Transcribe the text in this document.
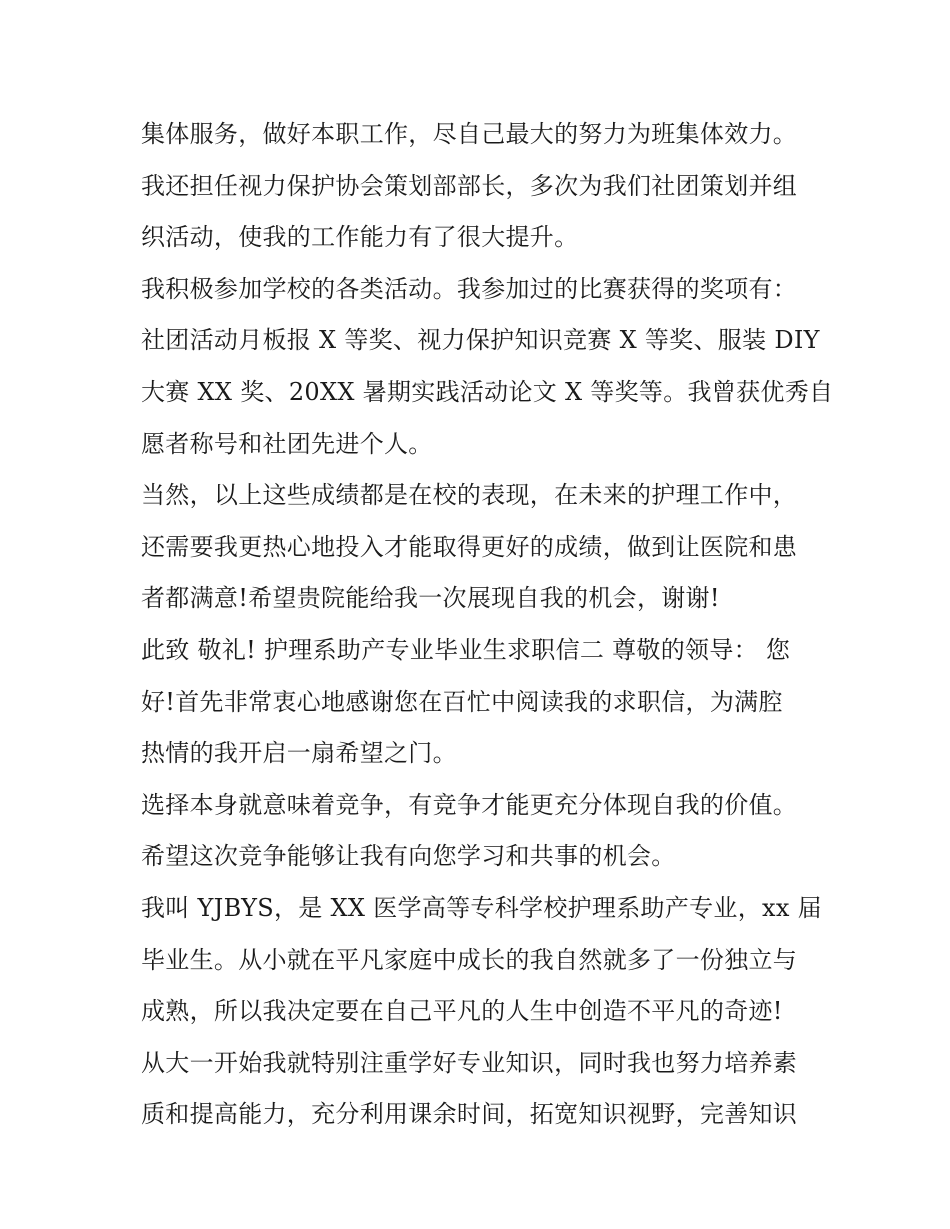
集体服务，做好本职工作，尽自己最大的努力为班集体效力。
我还担任视力保护协会策划部部长，多次为我们社团策划并组
织活动，使我的工作能力有了很大提升。
我积极参加学校的各类活动。我参加过的比赛获得的奖项有：
社团活动月板报 X 等奖、视力保护知识竞赛 X 等奖、服装 DIY
大赛 XX 奖、20XX 暑期实践活动论文 X 等奖等。我曾获优秀自
愿者称号和社团先进个人。
当然，以上这些成绩都是在校的表现，在未来的护理工作中，
还需要我更热心地投入才能取得更好的成绩，做到让医院和患
者都满意!希望贵院能给我一次展现自我的机会，谢谢!
此致 敬礼! 护理系助产专业毕业生求职信二 尊敬的领导： 您
好!首先非常衷心地感谢您在百忙中阅读我的求职信，为满腔
热情的我开启一扇希望之门。
选择本身就意味着竞争，有竞争才能更充分体现自我的价值。
希望这次竞争能够让我有向您学习和共事的机会。
我叫 YJBYS，是 XX 医学高等专科学校护理系助产专业，xx 届
毕业生。从小就在平凡家庭中成长的我自然就多了一份独立与
成熟，所以我决定要在自己平凡的人生中创造不平凡的奇迹!
从大一开始我就特别注重学好专业知识，同时我也努力培养素
质和提高能力，充分利用课余时间，拓宽知识视野，完善知识
